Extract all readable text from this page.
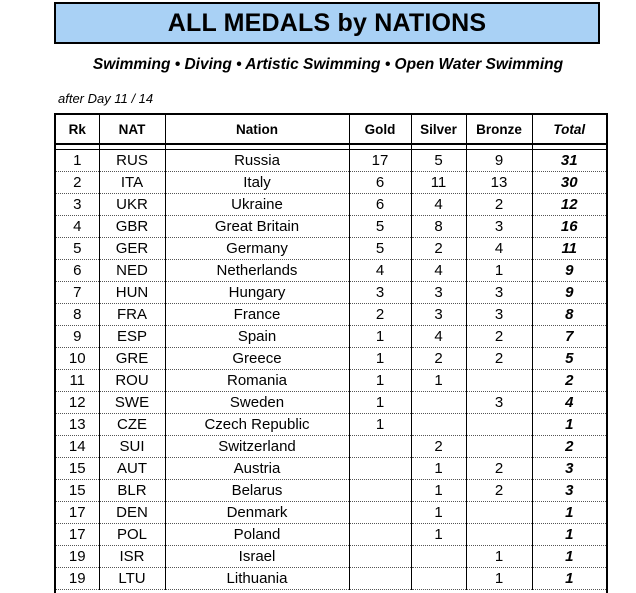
ALL MEDALS by NATIONS
Swimming • Diving • Artistic Swimming • Open Water Swimming
after Day 11 / 14
Rk	NAT	Nation	Gold	Silver	Bronze	Total

1	RUS	Russia	17	5	9	31
2	ITA	Italy	6	11	13	30
3	UKR	Ukraine	6	4	2	12
4	GBR	Great Britain	5	8	3	16
5	GER	Germany	5	2	4	11
6	NED	Netherlands	4	4	1	9
7	HUN	Hungary	3	3	3	9
8	FRA	France	2	3	3	8
9	ESP	Spain	1	4	2	7
10	GRE	Greece	1	2	2	5
11	ROU	Romania	1	1		2
12	SWE	Sweden	1		3	4
13	CZE	Czech Republic	1			1
14	SUI	Switzerland		2		2
15	AUT	Austria		1	2	3
15	BLR	Belarus		1	2	3
17	DEN	Denmark		1		1
17	POL	Poland		1		1
19	ISR	Israel			1	1
19	LTU	Lithuania			1	1
